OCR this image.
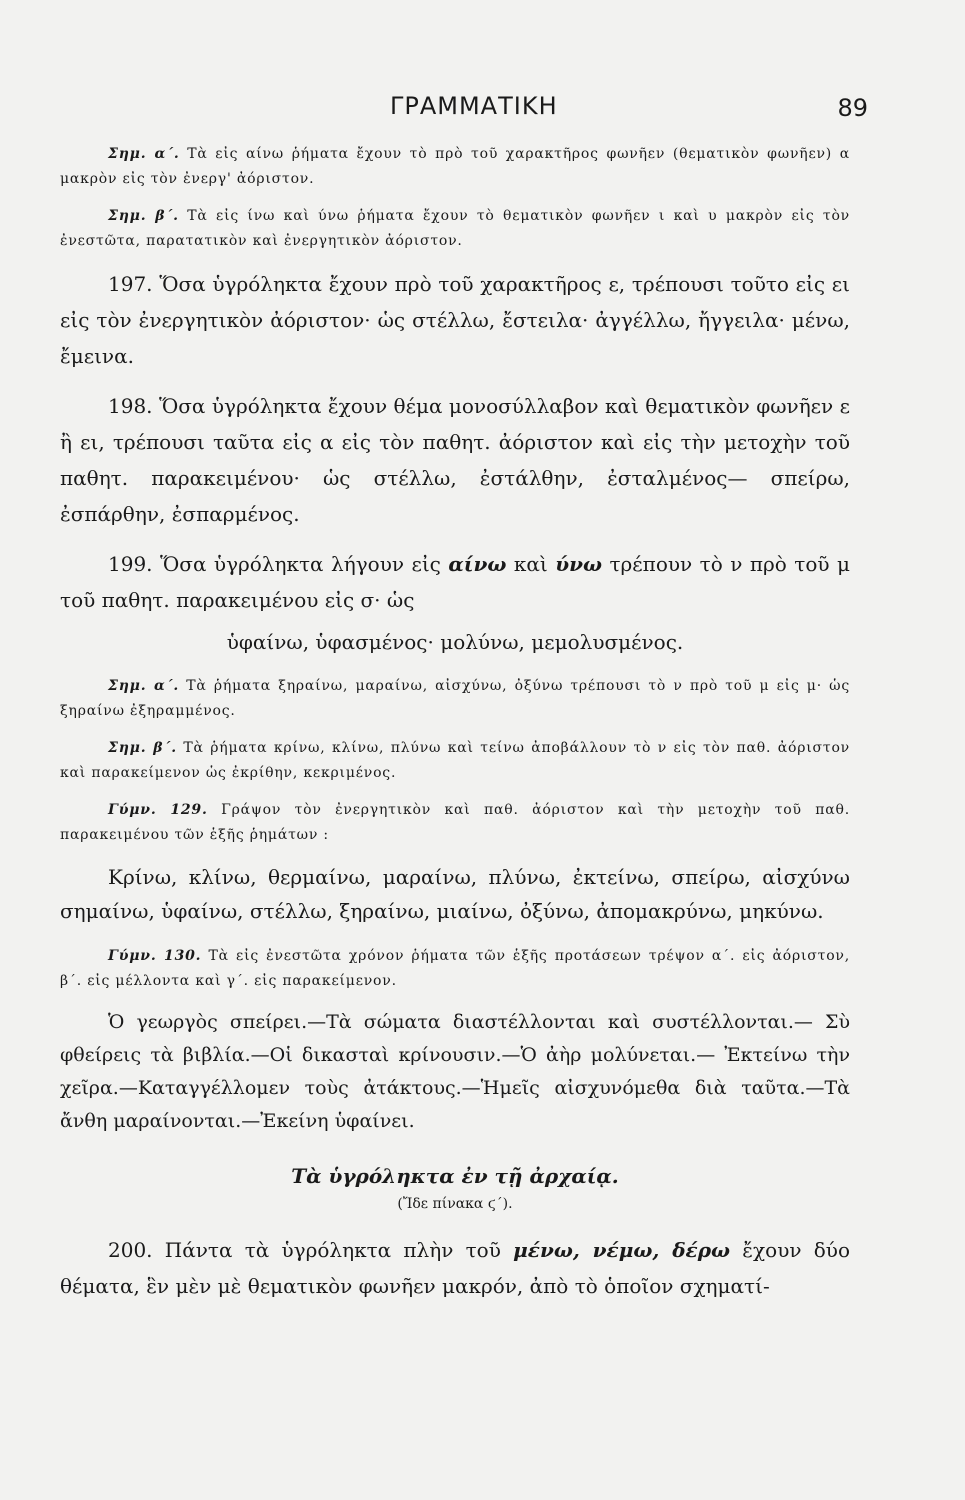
ΓΡΑΜΜΑΤΙΚΗ	89

Σημ. α΄. Τὰ εἰς αίνω ῥήματα ἔχουν τὸ πρὸ τοῦ χαρακτῆρος φωνῆεν (θεματικὸν φωνῆεν) α μακρὸν εἰς τὸν ἐνεργ' ἀόριστον.

Σημ. β΄. Τὰ εἰς ίνω καὶ ύνω ῥήματα ἔχουν τὸ θεματικὸν φωνῆεν ι καὶ υ μακρὸν εἰς τὸν ἐνεστῶτα, παρατατικὸν καὶ ἐνεργητικὸν ἀόριστον.

197. Ὅσα ὑγρόληκτα ἔχουν πρὸ τοῦ χαρακτῆρος ε, τρέπουσι τοῦτο εἰς ει εἰς τὸν ἐνεργητικὸν ἀόριστον· ὡς στέλλω, ἔστειλα· ἀγγέλλω, ἤγγειλα· μένω, ἔμεινα.

198. Ὅσα ὑγρόληκτα ἔχουν θέμα μονοσύλλαβον καὶ θεματικὸν φωνῆεν ε ἢ ει, τρέπουσι ταῦτα εἰς α εἰς τὸν παθητ. ἀόριστον καὶ εἰς τὴν μετοχὴν τοῦ παθητ. παρακειμένου· ὡς στέλλω, ἐστάλθην, ἐσταλμένος— σπείρω, ἐσπάρθην, ἐσπαρμένος.

199. Ὅσα ὑγρόληκτα λήγουν εἰς αίνω καὶ ύνω τρέπουν τὸ ν πρὸ τοῦ μ τοῦ παθητ. παρακειμένου εἰς σ· ὡς

ὑφαίνω, ὑφασμένος· μολύνω, μεμολυσμένος.

Σημ. α΄. Τὰ ῥήματα ξηραίνω, μαραίνω, αἰσχύνω, ὀξύνω τρέπουσι τὸ ν πρὸ τοῦ μ εἰς μ· ὡς ξηραίνω ἐξηραμμένος.

Σημ. β΄. Τὰ ῥήματα κρίνω, κλίνω, πλύνω καὶ τείνω ἀποβάλλουν τὸ ν εἰς τὸν παθ. ἀόριστον καὶ παρακείμενον ὡς ἐκρίθην, κεκριμένος.

Γύμν. 129. Γράψον τὸν ἐνεργητικὸν καὶ παθ. ἀόριστον καὶ τὴν μετοχὴν τοῦ παθ. παρακειμένου τῶν ἑξῆς ῥημάτων :

Κρίνω, κλίνω, θερμαίνω, μαραίνω, πλύνω, ἐκτείνω, σπείρω, αἰσχύνω σημαίνω, ὑφαίνω, στέλλω, ξηραίνω, μιαίνω, ὀξύνω, ἀπομακρύνω, μηκύνω.

Γύμν. 130. Τὰ εἰς ἐνεστῶτα χρόνον ῥήματα τῶν ἑξῆς προτάσεων τρέψον α΄. εἰς ἀόριστον, β΄. εἰς μέλλοντα καὶ γ΄. εἰς παρακείμενον.

Ὁ γεωργὸς σπείρει.—Τὰ σώματα διαστέλλονται καὶ συστέλλονται.— Σὺ φθείρεις τὰ βιβλία.—Οἱ δικασταὶ κρίνουσιν.—Ὁ ἀὴρ μολύνεται.— Ἐκτείνω τὴν χεῖρα.—Καταγγέλλομεν τοὺς ἀτάκτους.—Ἡμεῖς αἰσχυνόμεθα διὰ ταῦτα.—Τὰ ἄνθη μαραίνονται.—Ἐκείνη ὑφαίνει.

Τὰ ὑγρόληκτα ἐν τῇ ἀρχαίᾳ.
(Ἴδε πίνακα ϛ΄).

200. Πάντα τὰ ὑγρόληκτα πλὴν τοῦ μένω, νέμω, δέρω ἔχουν δύο θέματα, ἓν μὲν μὲ θεματικὸν φωνῆεν μακρόν, ἀπὸ τὸ ὁποῖον σχηματί-
